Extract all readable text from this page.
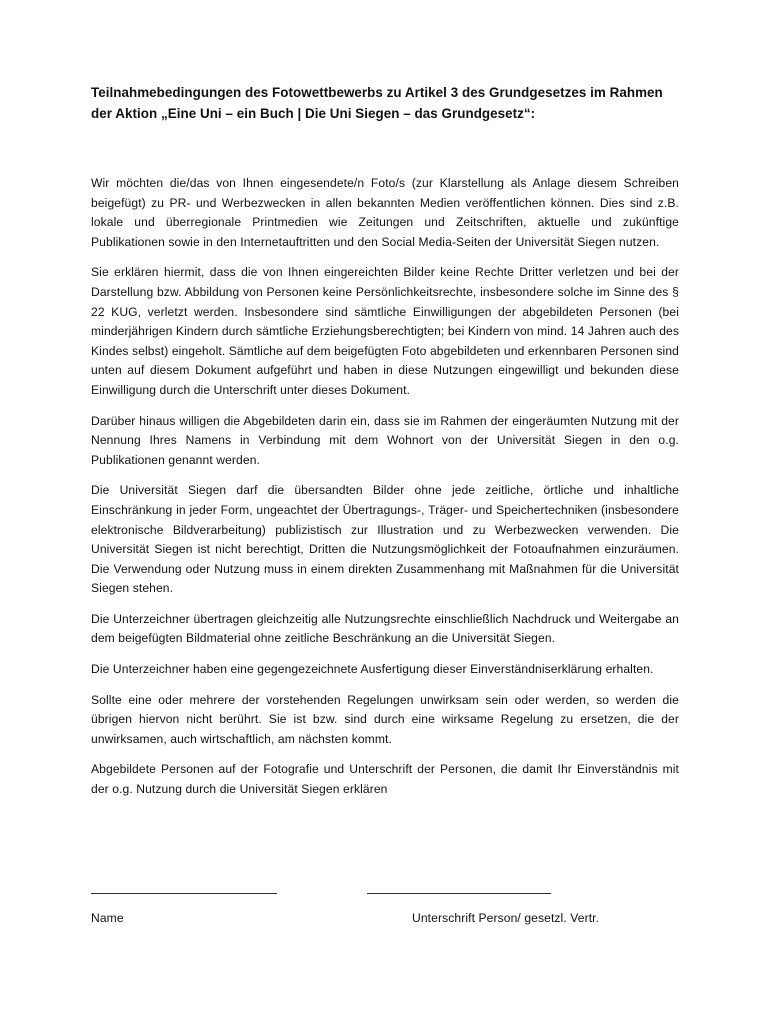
Teilnahmebedingungen des Fotowettbewerbs zu Artikel 3 des Grundgesetzes im Rahmen der Aktion „Eine Uni – ein Buch | Die Uni Siegen – das Grundgesetz“:

Wir möchten die/das von Ihnen eingesendete/n Foto/s (zur Klarstellung als Anlage diesem Schreiben beigefügt) zu PR- und Werbezwecken in allen bekannten Medien veröffentlichen können. Dies sind z.B. lokale und überregionale Printmedien wie Zeitungen und Zeitschriften, aktuelle und zukünftige Publikationen sowie in den Internetauftritten und den Social Media-Seiten der Universität Siegen nutzen.

Sie erklären hiermit, dass die von Ihnen eingereichten Bilder keine Rechte Dritter verletzen und bei der Darstellung bzw. Abbildung von Personen keine Persönlichkeitsrechte, insbesondere solche im Sinne des § 22 KUG, verletzt werden. Insbesondere sind sämtliche Einwilligungen der abgebildeten Personen (bei minderjährigen Kindern durch sämtliche Erziehungsberechtigten; bei Kindern von mind. 14 Jahren auch des Kindes selbst) eingeholt. Sämtliche auf dem beigefügten Foto abgebildeten und erkennbaren Personen sind unten auf diesem Dokument aufgeführt und haben in diese Nutzungen eingewilligt und bekunden diese Einwilligung durch die Unterschrift unter dieses Dokument.

Darüber hinaus willigen die Abgebildeten darin ein, dass sie im Rahmen der eingeräumten Nutzung mit der Nennung Ihres Namens in Verbindung mit dem Wohnort von der Universität Siegen in den o.g. Publikationen genannt werden.

Die Universität Siegen darf die übersandten Bilder ohne jede zeitliche, örtliche und inhaltliche Einschränkung in jeder Form, ungeachtet der Übertragungs-, Träger- und Speichertechniken (insbesondere elektronische Bildverarbeitung) publizistisch zur Illustration und zu Werbezwecken verwenden. Die Universität Siegen ist nicht berechtigt, Dritten die Nutzungsmöglichkeit der Fotoaufnahmen einzuräumen. Die Verwendung oder Nutzung muss in einem direkten Zusammenhang mit Maßnahmen für die Universität Siegen stehen.

Die Unterzeichner übertragen gleichzeitig alle Nutzungsrechte einschließlich Nachdruck und Weitergabe an dem beigefügten Bildmaterial ohne zeitliche Beschränkung an die Universität Siegen.

Die Unterzeichner haben eine gegengezeichnete Ausfertigung dieser Einverständniserklärung erhalten.

Sollte eine oder mehrere der vorstehenden Regelungen unwirksam sein oder werden, so werden die übrigen hiervon nicht berührt. Sie ist bzw. sind durch eine wirksame Regelung zu ersetzen, die der unwirksamen, auch wirtschaftlich, am nächsten kommt.

Abgebildete Personen auf der Fotografie und Unterschrift der Personen, die damit Ihr Einverständnis mit der o.g. Nutzung durch die Universität Siegen erklären

Name	Unterschrift Person/ gesetzl. Vertr.
